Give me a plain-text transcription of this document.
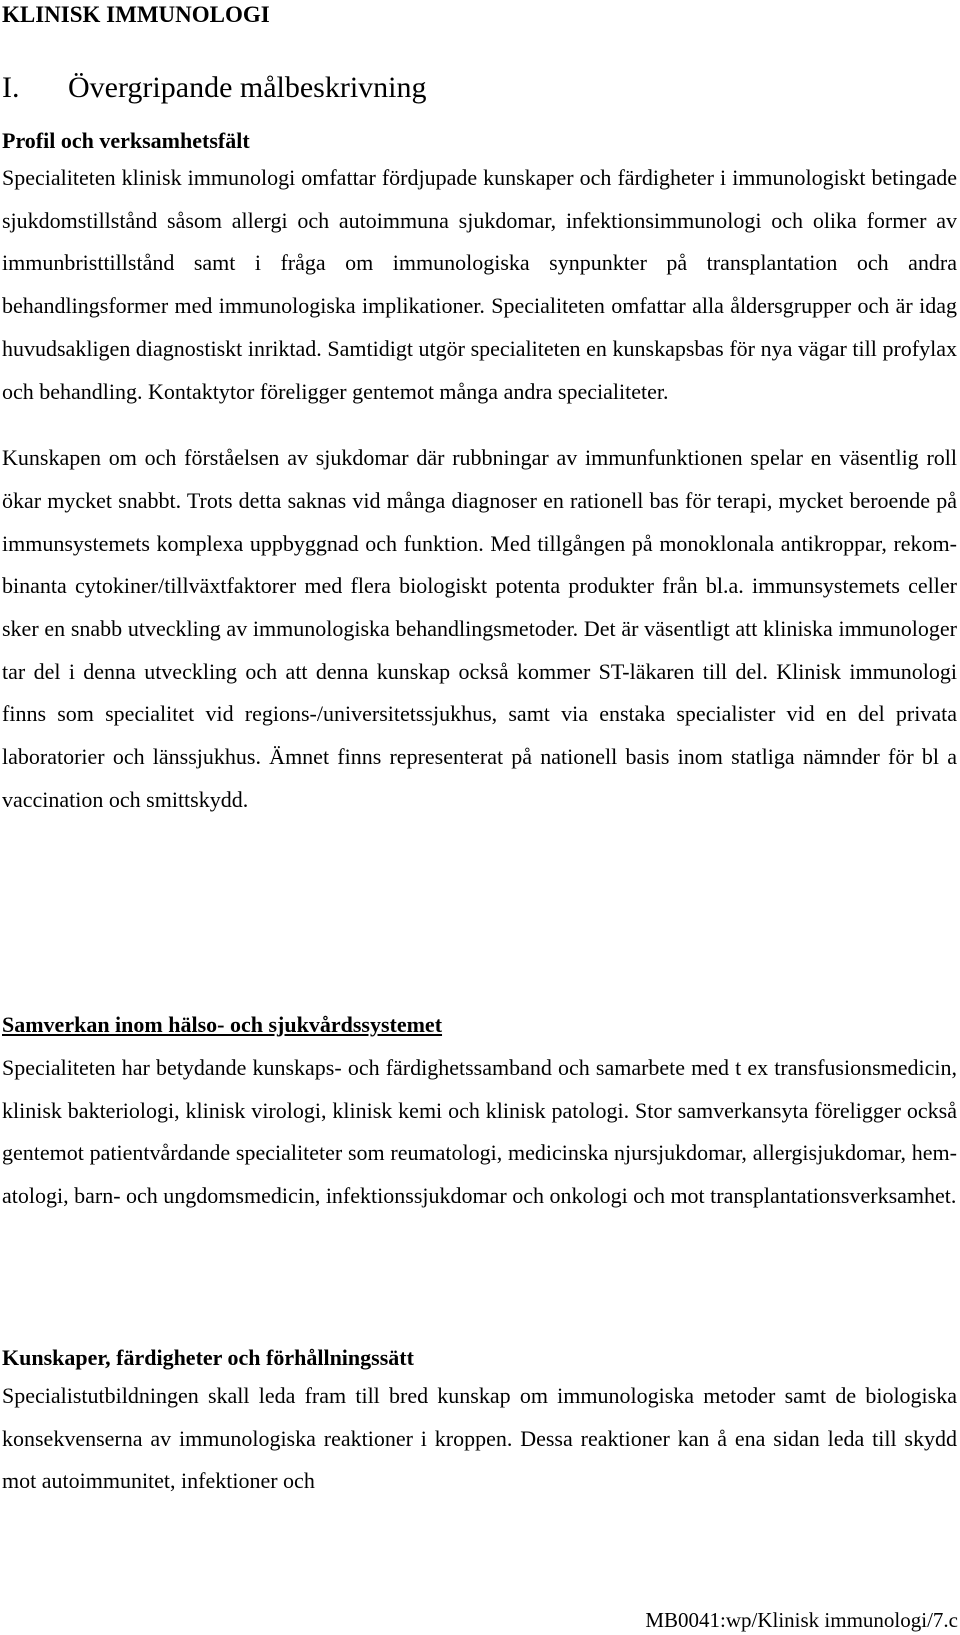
KLINISK IMMUNOLOGI
I. Övergripande målbeskrivning
Profil och verksamhetsfält

Specialiteten klinisk immunologi omfattar fördjupade kunskaper och färdigheter i immunologiskt betingade sjukdomstillstånd såsom allergi och autoimmuna sjukdomar, infektionsimmunologi och olika former av immunbristtillstånd samt i fråga om immunologiska synpunkter på transplantation och andra behandlingsformer med immunologiska implikationer. Specialiteten omfattar alla åldersgrupper och är idag huvudsakligen diagnostiskt inriktad. Samtidigt utgör specialiteten en kunskapsbas för nya vägar till profylax och behandling. Kontaktytor föreligger gentemot många andra specialiteter.

Kunskapen om och förståelsen av sjukdomar där rubbningar av immunfunktionen spelar en väsentlig roll ökar mycket snabbt. Trots detta saknas vid många diagnoser en rationell bas för terapi, mycket beroende på immunsystemets komplexa uppbyggnad och funktion. Med tillgången på monoklonala antikroppar, rekombinanta cytokiner/tillväxtfaktorer med flera biologiskt potenta produkter från bl.a. immunsystemets celler sker en snabb utveckling av immunologiska behandlingsmetoder. Det är väsentligt att kliniska immunologer tar del i denna utveckling och att denna kunskap också kommer ST-läkaren till del. Klinisk immunologi finns som specialitet vid regions-/universitetssjukhus, samt via enstaka specialister vid en del privata laboratorier och länssjukhus. Ämnet finns representerat på nationell basis inom statliga nämnder för bl a vaccination och smittskydd.

Samverkan inom hälso- och sjukvårdssystemet

Specialiteten har betydande kunskaps- och färdighetssamband och samarbete med t ex transfusionsmedicin, klinisk bakteriologi, klinisk virologi, klinisk kemi och klinisk patologi. Stor samverkansyta föreligger också gentemot patientvårdande specialiteter som reumatologi, medicinska njursjukdomar, allergisjukdomar, hematologi, barn- och ungdomsmedicin, infektionssjukdomar och onkologi och mot transplantationsverksamhet.

Kunskaper, färdigheter och förhållningssätt

Specialistutbildningen skall leda fram till bred kunskap om immunologiska metoder samt de biologiska konsekvenserna av immunologiska reaktioner i kroppen. Dessa reaktioner kan å ena sidan leda till skydd mot autoimmunitet, infektioner och

MB0041:wp/Klinisk immunologi/7.c
